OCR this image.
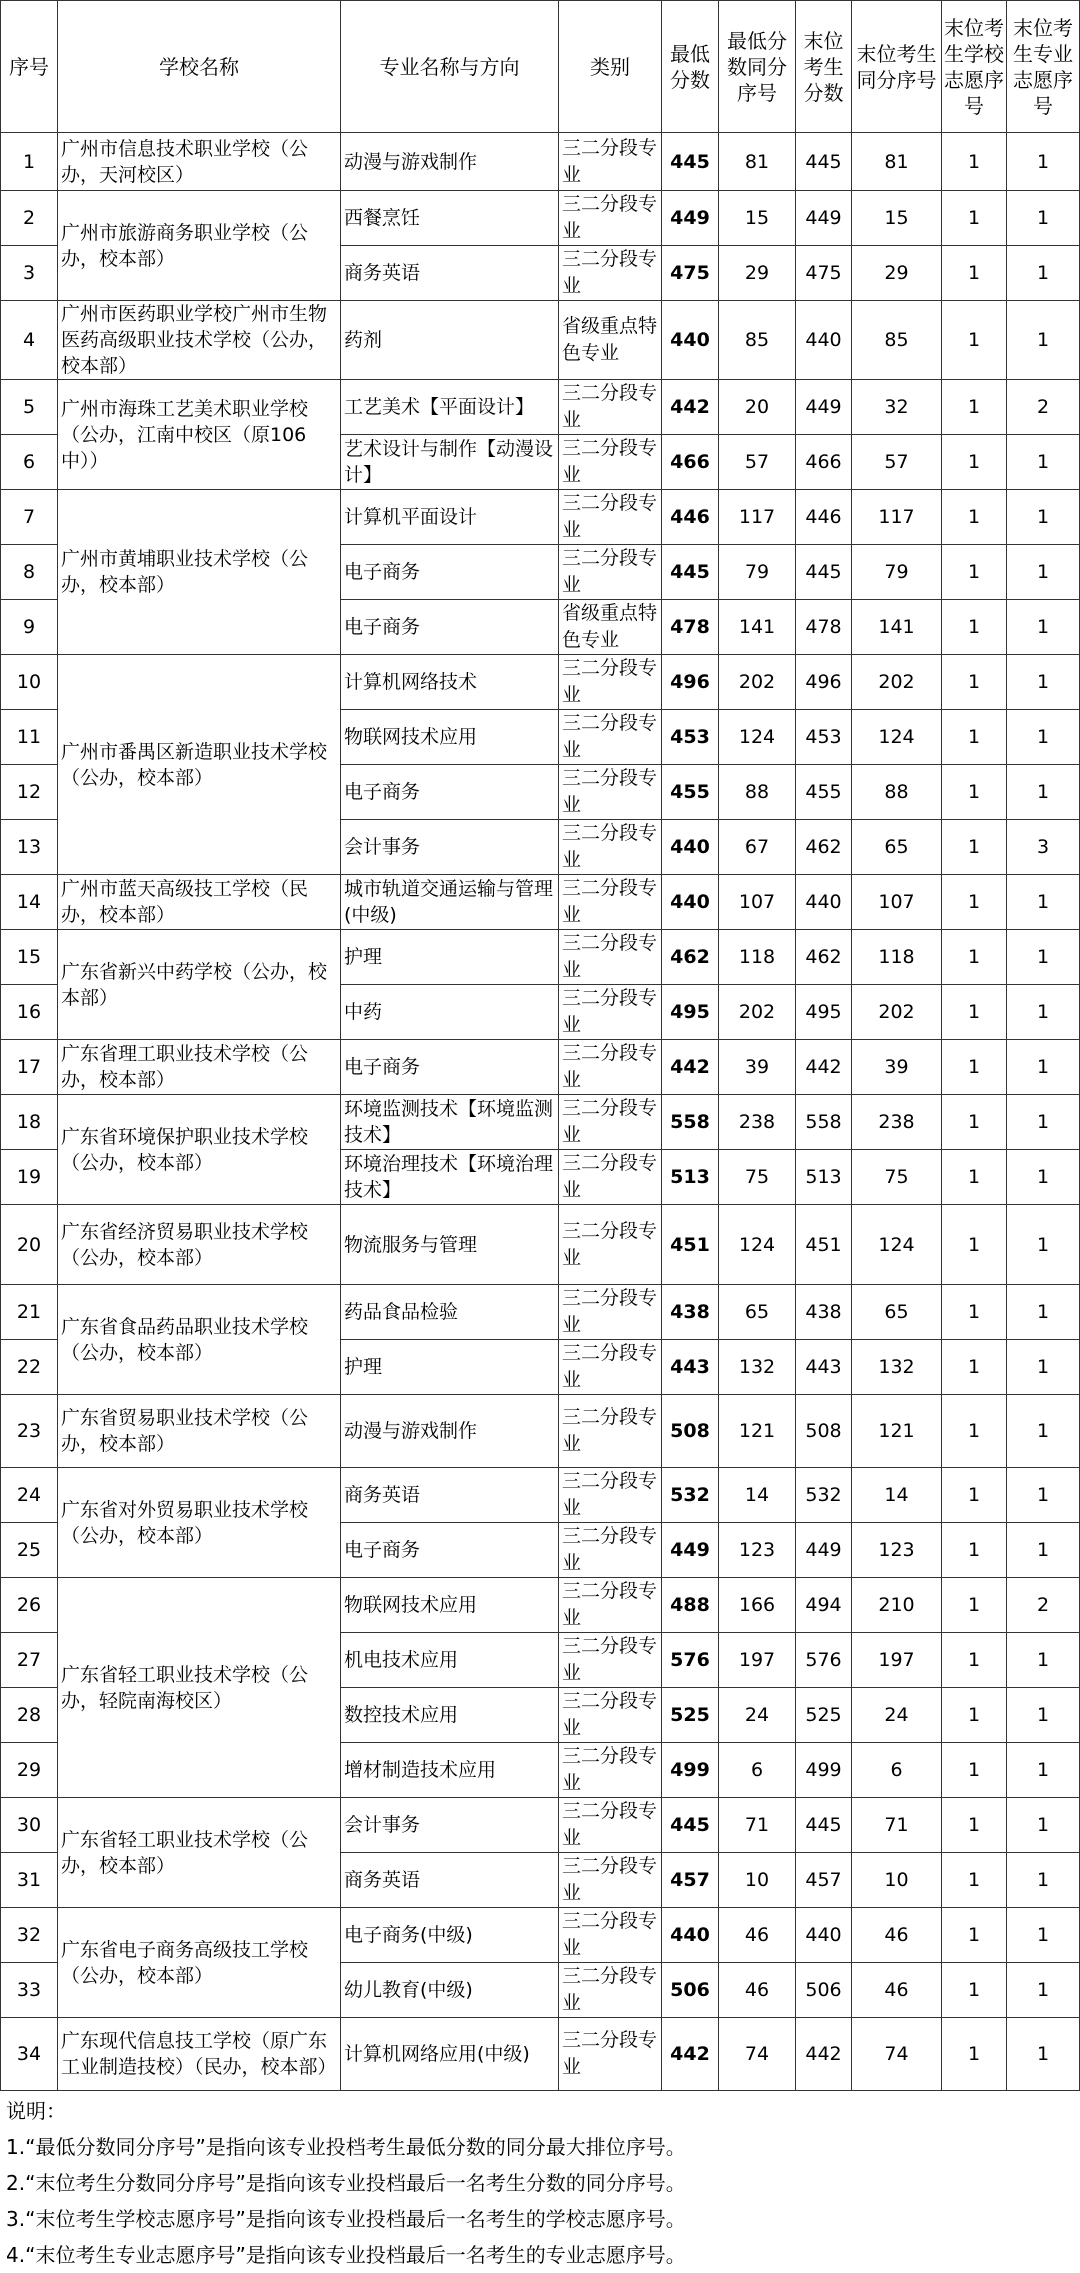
序号	学校名称	专业名称与方向	类别	最低分数	最低分数同分序号	末位考生分数	末位考生同分序号	末位考生学校志愿序号	末位考生专业志愿序号
1	广州市信息技术职业学校（公办，天河校区）	动漫与游戏制作	三二分段专业	445	81	445	81	1	1
2	广州市旅游商务职业学校（公办，校本部）	西餐烹饪	三二分段专业	449	15	449	15	1	1
3		商务英语	三二分段专业	475	29	475	29	1	1
4	广州市医药职业学校广州市生物医药高级职业技术学校（公办，校本部）	药剂	省级重点特色专业	440	85	440	85	1	1
5	广州市海珠工艺美术职业学校（公办，江南中校区（原106中））	工艺美术【平面设计】	三二分段专业	442	20	449	32	1	2
6		艺术设计与制作【动漫设计】	三二分段专业	466	57	466	57	1	1
7	广州市黄埔职业技术学校（公办，校本部）	计算机平面设计	三二分段专业	446	117	446	117	1	1
8		电子商务	三二分段专业	445	79	445	79	1	1
9		电子商务	省级重点特色专业	478	141	478	141	1	1
10	广州市番禺区新造职业技术学校（公办，校本部）	计算机网络技术	三二分段专业	496	202	496	202	1	1
11		物联网技术应用	三二分段专业	453	124	453	124	1	1
12		电子商务	三二分段专业	455	88	455	88	1	1
13		会计事务	三二分段专业	440	67	462	65	1	3
14	广州市蓝天高级技工学校（民办，校本部）	城市轨道交通运输与管理(中级)	三二分段专业	440	107	440	107	1	1
15	广东省新兴中药学校（公办，校本部）	护理	三二分段专业	462	118	462	118	1	1
16		中药	三二分段专业	495	202	495	202	1	1
17	广东省理工职业技术学校（公办，校本部）	电子商务	三二分段专业	442	39	442	39	1	1
18	广东省环境保护职业技术学校（公办，校本部）	环境监测技术【环境监测技术】	三二分段专业	558	238	558	238	1	1
19		环境治理技术【环境治理技术】	三二分段专业	513	75	513	75	1	1
20	广东省经济贸易职业技术学校（公办，校本部）	物流服务与管理	三二分段专业	451	124	451	124	1	1
21	广东省食品药品职业技术学校（公办，校本部）	药品食品检验	三二分段专业	438	65	438	65	1	1
22		护理	三二分段专业	443	132	443	132	1	1
23	广东省贸易职业技术学校（公办，校本部）	动漫与游戏制作	三二分段专业	508	121	508	121	1	1
24	广东省对外贸易职业技术学校（公办，校本部）	商务英语	三二分段专业	532	14	532	14	1	1
25		电子商务	三二分段专业	449	123	449	123	1	1
26	广东省轻工职业技术学校（公办，轻院南海校区）	物联网技术应用	三二分段专业	488	166	494	210	1	2
27		机电技术应用	三二分段专业	576	197	576	197	1	1
28		数控技术应用	三二分段专业	525	24	525	24	1	1
29		增材制造技术应用	三二分段专业	499	6	499	6	1	1
30	广东省轻工职业技术学校（公办，校本部）	会计事务	三二分段专业	445	71	445	71	1	1
31		商务英语	三二分段专业	457	10	457	10	1	1
32	广东省电子商务高级技工学校（公办，校本部）	电子商务(中级)	三二分段专业	440	46	440	46	1	1
33		幼儿教育(中级)	三二分段专业	506	46	506	46	1	1
34	广东现代信息技工学校（原广东工业制造技校）（民办，校本部）	计算机网络应用(中级)	三二分段专业	442	74	442	74	1	1
说明：
1.“最低分数同分序号”是指向该专业投档考生最低分数的同分最大排位序号。
2.“末位考生分数同分序号”是指向该专业投档最后一名考生分数的同分序号。
3.“末位考生学校志愿序号”是指向该专业投档最后一名考生的学校志愿序号。
4.“末位考生专业志愿序号”是指向该专业投档最后一名考生的专业志愿序号。
